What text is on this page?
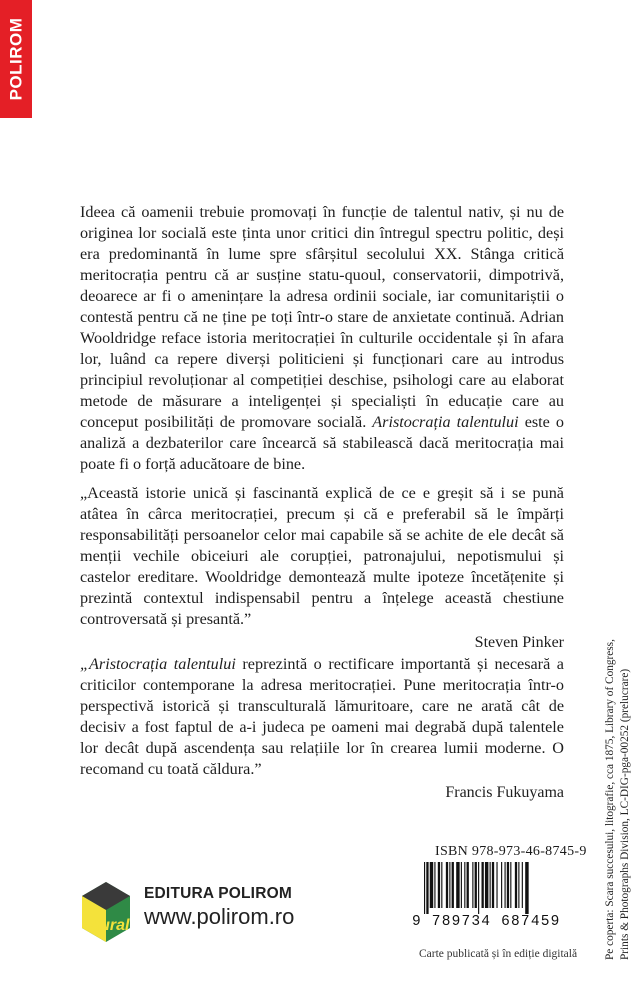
POLIROM

Ideea că oamenii trebuie promovați în funcție de talentul nativ, și nu de originea lor socială este ținta unor critici din întregul spectru politic, deși era predominantă în lume spre sfârșitul secolului XX. Stânga critică meritocrația pentru că ar susține statu-quoul, conservatorii, dimpotrivă, deoarece ar fi o amenințare la adresa ordinii sociale, iar comunitariștii o contestă pentru că ne ține pe toți într-o stare de anxietate continuă. Adrian Wooldridge reface istoria meritocrației în culturile occidentale și în afara lor, luând ca repere diverși politicieni și funcționari care au introdus principiul revoluționar al competiției deschise, psihologi care au elaborat metode de măsurare a inteligenței și specialiști în educație care au conceput posibilități de promovare socială. Aristocrația talentului este o analiză a dezbaterilor care încearcă să stabilească dacă meritocrația mai poate fi o forță aducătoare de bine.

„Această istorie unică și fascinantă explică de ce e greșit să i se pună atâtea în cârca meritocrației, precum și că e preferabil să le împărți responsabilități persoanelor celor mai capabile să se achite de ele decât să menții vechile obiceiuri ale corupției, patronajului, nepotismului și castelor ereditare. Wooldridge demonteazǎ multe ipoteze încetățenite și prezintă contextul indispensabil pentru a înțelege această chestiune controversată și presantă.”

Steven Pinker

„Aristocrația talentului reprezintă o rectificare importantă și necesară a criticilor contemporane la adresa meritocrației. Pune meritocrația într-o perspectivă istorică și transculturală lămuritoare, care ne arată cât de decisiv a fost faptul de a-i judeca pe oameni mai degrabă după talentele lor decât după ascendența sau relațiile lor în crearea lumii moderne. O recomand cu toată căldura.”

Francis Fukuyama	Pe coperta: Scara succesului, litografie, cca 1875, Library of Congress, Prints & Photographs Division, LC-DIG-pga-00252 (prelucrare)
Plural
EDITURA POLIROM
www.polirom.ro
ISBN 978-973-46-8745-9
9 789734 687459
Carte publicată și în ediție digitală
